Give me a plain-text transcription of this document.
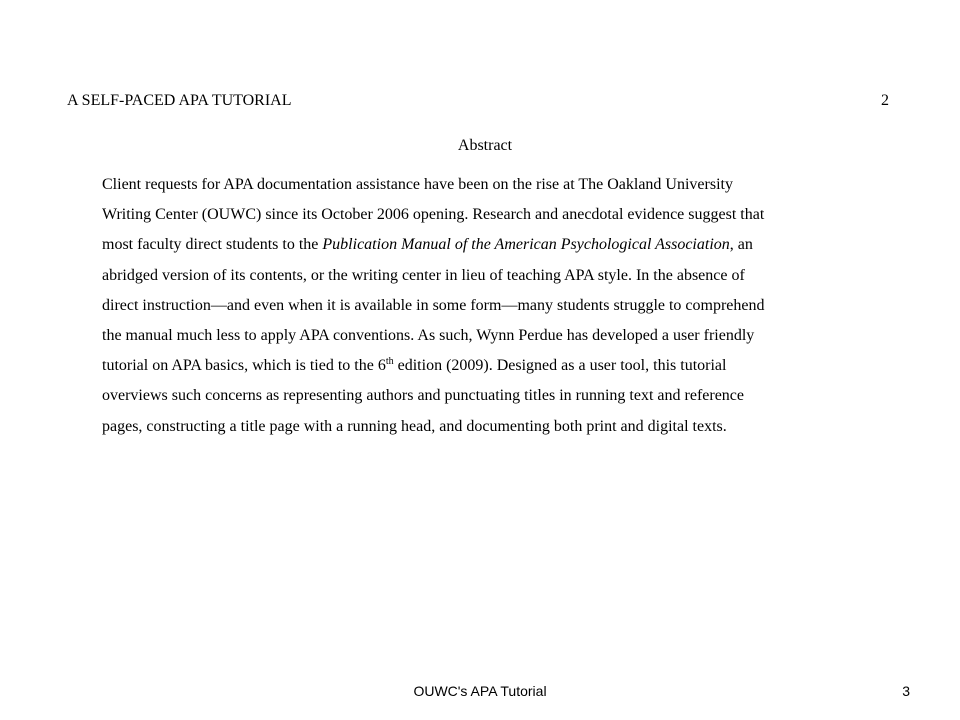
A SELF-PACED APA TUTORIAL	2
Abstract
Client requests for APA documentation assistance have been on the rise at The Oakland University
Writing Center (OUWC) since its October 2006 opening. Research and anecdotal evidence suggest that
most faculty direct students to the Publication Manual of the American Psychological Association, an
abridged version of its contents, or the writing center in lieu of teaching APA style. In the absence of
direct instruction—and even when it is available in some form—many students struggle to comprehend
the manual much less to apply APA conventions. As such, Wynn Perdue has developed a user friendly
tutorial on APA basics, which is tied to the 6th edition (2009). Designed as a user tool, this tutorial
overviews such concerns as representing authors and punctuating titles in running text and reference
pages, constructing a title page with a running head, and documenting both print and digital texts.
OUWC's APA Tutorial	3
